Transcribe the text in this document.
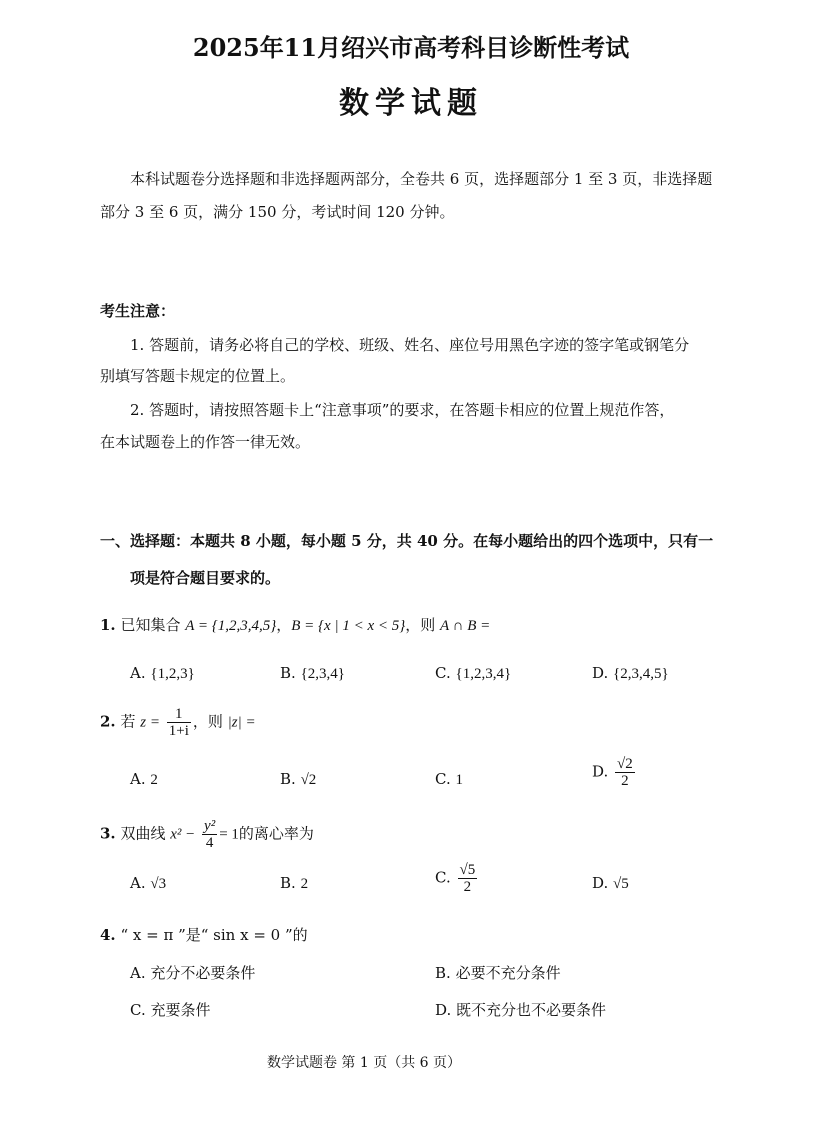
2025年11月绍兴市高考科目诊断性考试
数学试题
本科试题卷分选择题和非选择题两部分，全卷共 6 页，选择题部分 1 至 3 页，非选择题
部分 3 至 6 页，满分 150 分，考试时间 120 分钟。
考生注意：
1. 答题前，请务必将自己的学校、班级、姓名、座位号用黑色字迹的签字笔或钢笔分
别填写答题卡规定的位置上。
2. 答题时，请按照答题卡上“注意事项”的要求，在答题卡相应的位置上规范作答，
在本试题卷上的作答一律无效。
一、选择题：本题共 8 小题，每小题 5 分，共 40 分。在每小题给出的四个选项中，只有一
项是符合题目要求的。
1. 已知集合 A = {1,2,3,4,5}，B = {x | 1 < x < 5}，则 A ∩ B =
A. {1,2,3}	B. {2,3,4}	C. {1,2,3,4}	D. {2,3,4,5}
2. 若 $z = \frac{1}{1+i}$ ，则 |z| =
A. 2	B. √2	C. 1	D. $\frac{√2}{2}$
3. 双曲线 $x^2 - \frac{\text{y²}}{4} = 1$的离心率为
A. √3	B. 2	C. $\frac{√5}{2}$	D. √5
4. “ x = π ”是“ sin x = 0 ”的
A. 充分不必要条件	B. 必要不充分条件
C. 充要条件	D. 既不充分也不必要条件
数学试题卷 第 1 页（共 6 页）
